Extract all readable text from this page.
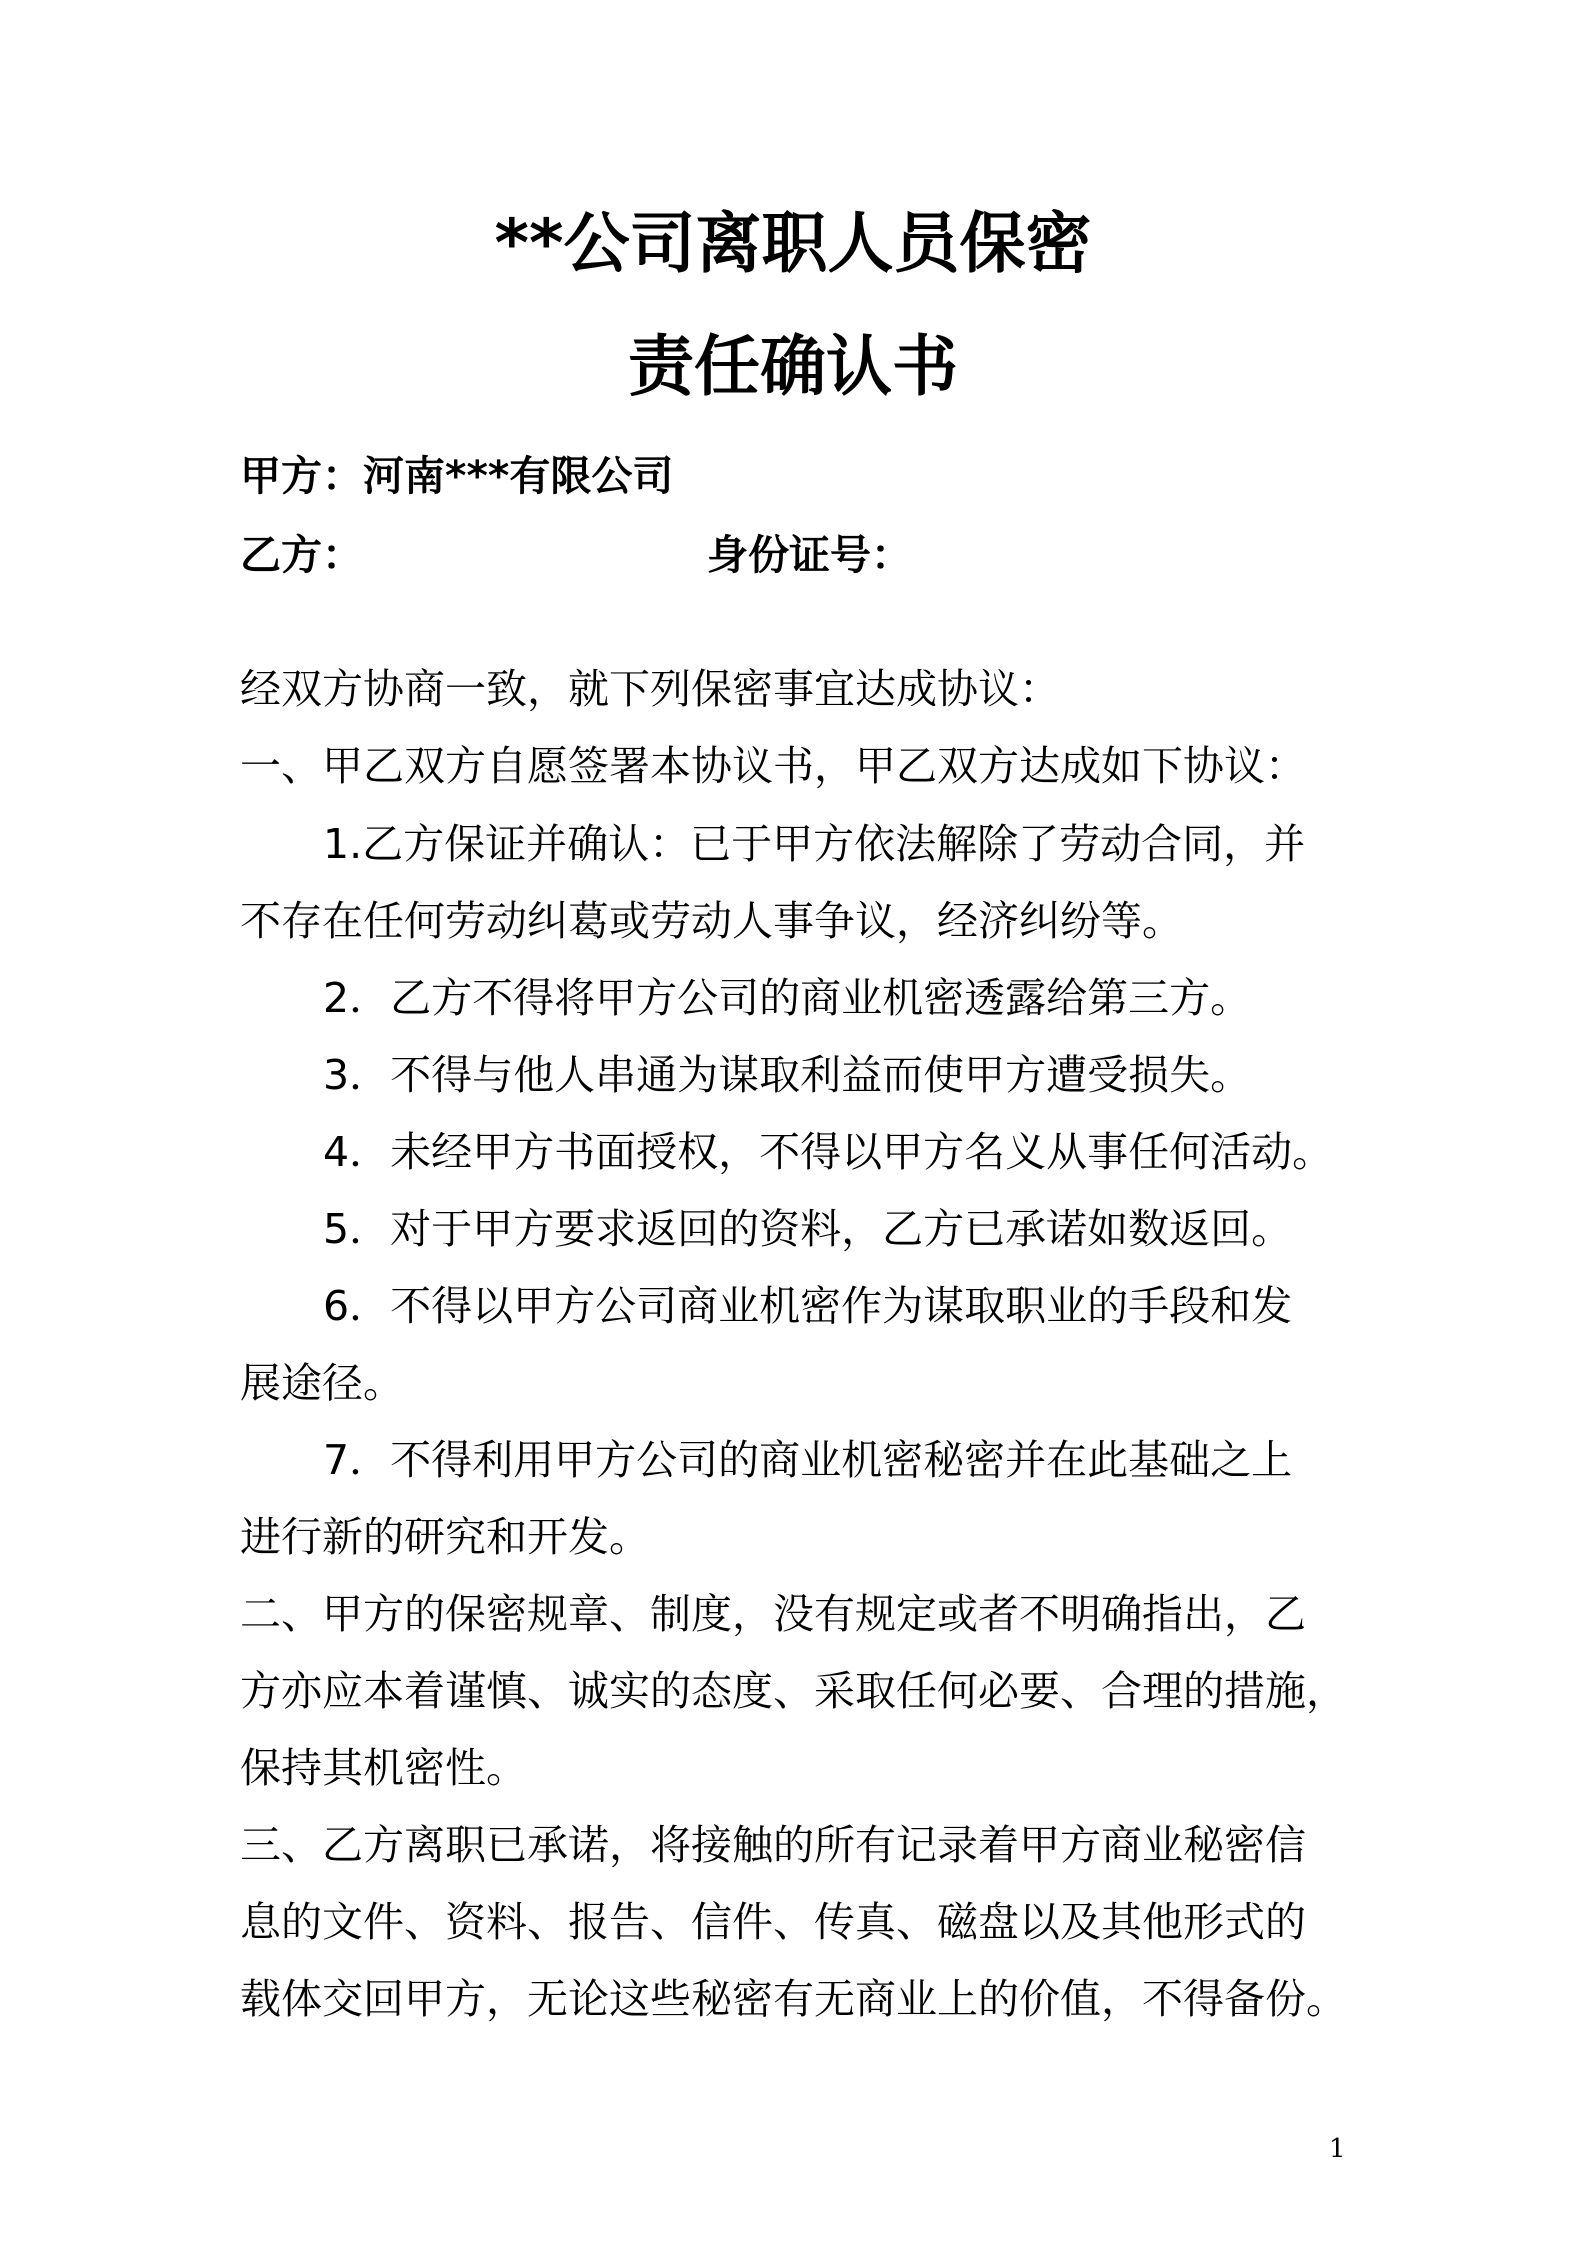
**公司离职人员保密
责任确认书
甲方：河南***有限公司
乙方：	身份证号：
经双方协商一致，就下列保密事宜达成协议：
一、甲乙双方自愿签署本协议书，甲乙双方达成如下协议：
1.乙方保证并确认：已于甲方依法解除了劳动合同，并
不存在任何劳动纠葛或劳动人事争议，经济纠纷等。
2．乙方不得将甲方公司的商业机密透露给第三方。
3．不得与他人串通为谋取利益而使甲方遭受损失。
4．未经甲方书面授权，不得以甲方名义从事任何活动。
5．对于甲方要求返回的资料，乙方已承诺如数返回。
6．不得以甲方公司商业机密作为谋取职业的手段和发
展途径。
7．不得利用甲方公司的商业机密秘密并在此基础之上
进行新的研究和开发。
二、甲方的保密规章、制度，没有规定或者不明确指出，乙
方亦应本着谨慎、诚实的态度、采取任何必要、合理的措施，
保持其机密性。
三、乙方离职已承诺，将接触的所有记录着甲方商业秘密信
息的文件、资料、报告、信件、传真、磁盘以及其他形式的
载体交回甲方，无论这些秘密有无商业上的价值，不得备份。
1
